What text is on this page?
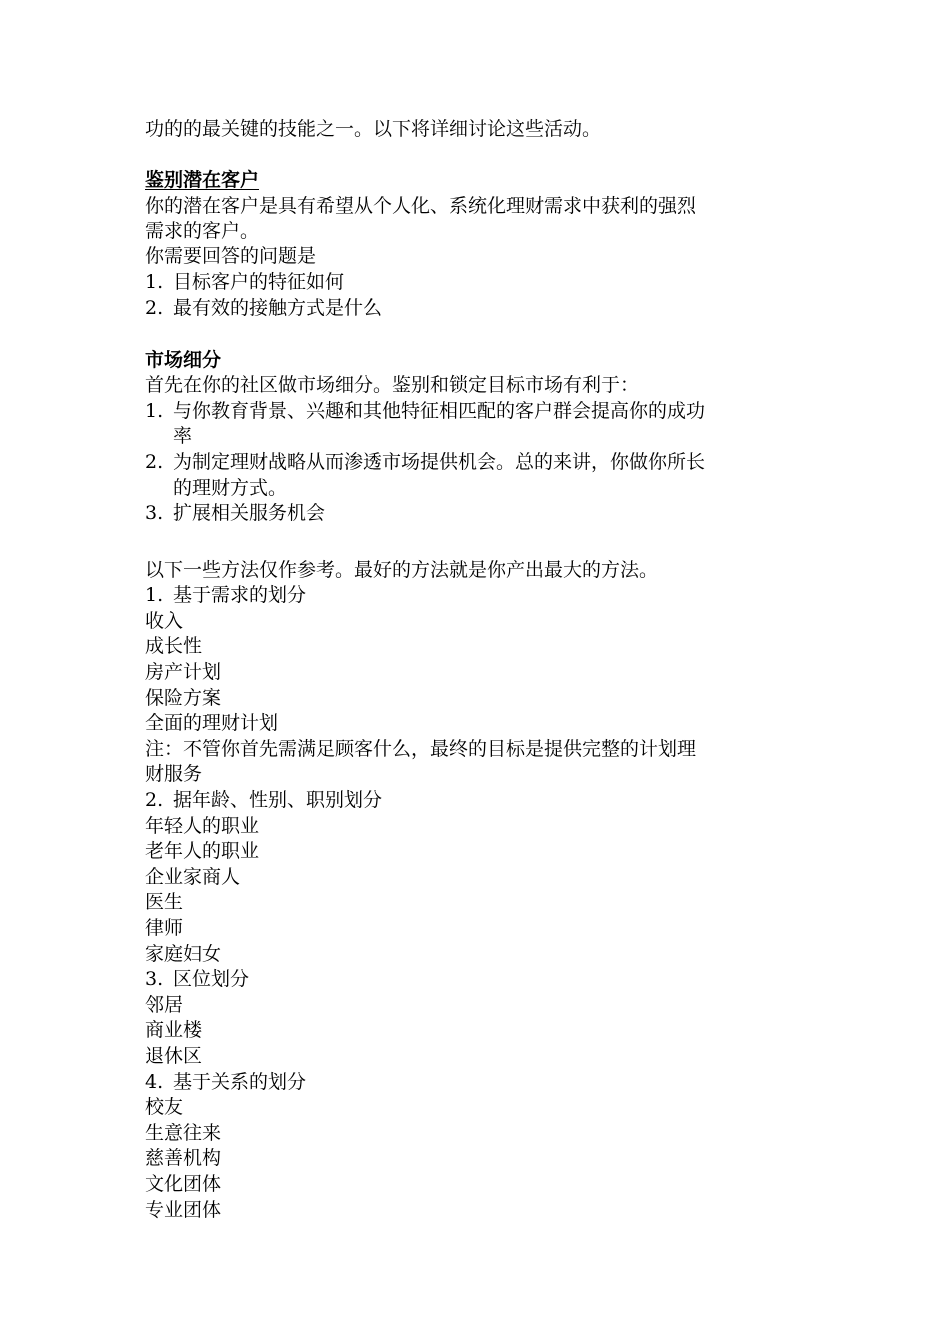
功的的最关键的技能之一。以下将详细讨论这些活动。
鉴别潜在客户
你的潜在客户是具有希望从个人化、系统化理财需求中获利的强烈
需求的客户。
你需要回答的问题是
1. 目标客户的特征如何
2. 最有效的接触方式是什么
市场细分
首先在你的社区做市场细分。鉴别和锁定目标市场有利于：
1. 与你教育背景、兴趣和其他特征相匹配的客户群会提高你的成功
率
2. 为制定理财战略从而渗透市场提供机会。总的来讲，你做你所长
的理财方式。
3. 扩展相关服务机会
以下一些方法仅作参考。最好的方法就是你产出最大的方法。
1. 基于需求的划分
收入
成长性
房产计划
保险方案
全面的理财计划
注：不管你首先需满足顾客什么，最终的目标是提供完整的计划理
财服务
2. 据年龄、性别、职别划分
年轻人的职业
老年人的职业
企业家商人
医生
律师
家庭妇女
3. 区位划分
邻居
商业楼
退休区
4. 基于关系的划分
校友
生意往来
慈善机构
文化团体
专业团体
